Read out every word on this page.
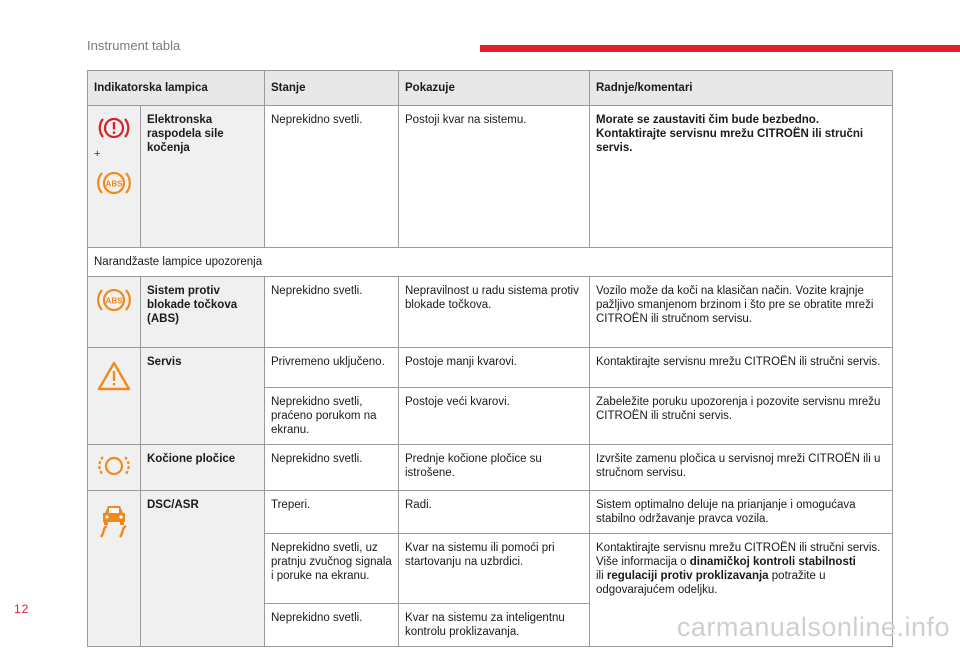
Instrument tabla
Indikatorska lampica		Stanje	Pokazuje	Radnje/komentari

+
ABS	Elektronska raspodela sile kočenja	Neprekidno svetli.	Postoji kvar na sistemu.	Morate se zaustaviti čim bude bezbedno. Kontaktirajte servisnu mrežu CITROËN ili stručni servis.
Narandžaste lampice upozorenja				

ABS	Sistem protiv blokade točkova (ABS)	Neprekidno svetli.	Nepravilnost u radu sistema protiv blokade točkova.	Vozilo može da koči na klasičan način. Vozite krajnje pažljivo smanjenom brzinom i što pre se obratite mreži CITROËN ili stručnom servisu.

	Servis	Privremeno uključeno.	Postoje manji kvarovi.	Kontaktirajte servisnu mrežu CITROËN ili stručni servis.
		Neprekidno svetli, praćeno porukom na ekranu.	Postoje veći kvarovi.	Zabeležite poruku upozorenja i pozovite servisnu mrežu CITROËN ili stručni servis.

	Kočione pločice	Neprekidno svetli.	Prednje kočione pločice su istrošene.	Izvršite zamenu pločica u servisnoj mreži CITROËN ili u stručnom servisu.

	DSC/ASR	Treperi.	Radi.	Sistem optimalno deluje na prianjanje i omogućava stabilno održavanje pravca vozila.
		Neprekidno svetli, uz pratnju zvučnog signala i poruke na ekranu.	Kvar na sistemu ili pomoći pri startovanju na uzbrdici.	Kontaktirajte servisnu mrežu CITROËN ili stručni servis.
Više informacija o dinamičkoj kontroli stabilnosti
ili regulaciji protiv proklizavanja potražite u odgovarajućem odeljku.
		Neprekidno svetli.	Kvar na sistemu za inteligentnu kontrolu proklizavanja.	
12
carmanualsonline.info
